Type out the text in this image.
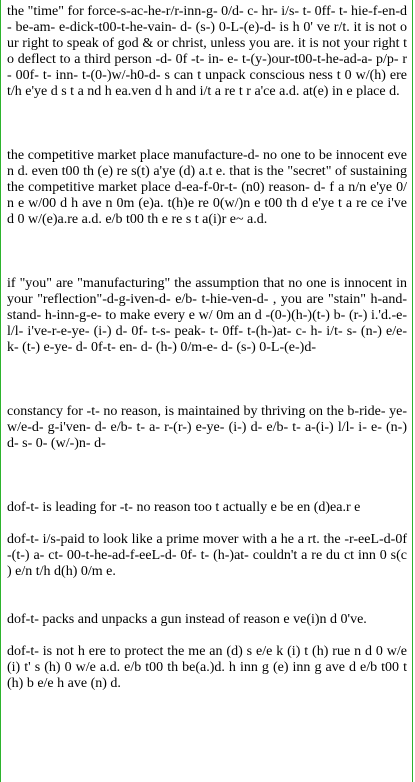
the "time" for force-s-ac-he-r/r-inn-g- 0/d- c- hr- i/s- t- 0ff- t- hie-f-en-d- be-am- e-dick-t00-t-he-vain- d- (s-) 0-L-(e)-d- is h 0' ve r/t. it is not our right to speak of god & or christ, unless you are. it is not your right to deflect to a third person -d- 0f -t- in- e- t-(y-)our-t00-t-he-ad-a- p/p- r- 00f- t- inn- t-(0-)w/-h0-d- s can t unpack conscious ness t 0 w/(h) ere t/h e'ye d s t a nd h ea.ven d h and i/t a re t r a'ce a.d. at(e) in e place d.

the competitive market place manufacture-d- no one to be innocent even d. even t00 th (e) re s(t) a'ye (d) a.t e. that is the "secret" of sustaining the competitive market place d-ea-f-0r-t- (n0) reason- d- f a n/n e'ye 0/n e w/00 d h ave n 0m (e)a. t(h)e re 0(w/)n e t00 th d e'ye t a re ce i've d 0 w/(e)a.re a.d. e/b t00 th e re s t a(i)r e~ a.d.

if "you" are "manufacturing" the assumption that no one is innocent in your "reflection"-d-g-iven-d- e/b- t-hie-ven-d- , you are "stain" h-and- stand- h-inn-g-e- to make every e w/ 0m an d -(0-)(h-)(t-) b- (r-) i.'d.-e- l/l- i've-r-e-ye- (i-) d- 0f- t-s- peak- t- 0ff- t-(h-)at- c- h- i/t- s- (n-) e/e- k- (t-) e-ye- d- 0f-t- en- d- (h-) 0/m-e- d- (s-) 0-L-(e-)d-

constancy for -t- no reason, is maintained by thriving on the b-ride- ye-w/e-d- g-i'ven- d- e/b- t- a- r-(r-) e-ye- (i-) d- e/b- t- a-(i-) l/l- i- e- (n-) d- s- 0- (w/-)n- d-

dof-t- is leading for -t- no reason too t actually e be en (d)ea.r e

dof-t- i/s-paid to look like a prime mover with a he a rt. the -r-eeL-d-0f-(t-) a- ct- 00-t-he-ad-f-eeL-d- 0f- t- (h-)at- couldn't a re du ct inn 0 s(c ) e/n t/h d(h) 0/m e.

dof-t- packs and unpacks a gun instead of reason e ve(i)n d 0've.

dof-t- is not h ere to protect the me an (d) s e/e k (i) t (h) rue n d 0 w/e (i) t' s (h) 0 w/e a.d. e/b t00 th be(a.)d. h inn g (e) inn g ave d e/b t00 t(h) b e/e h ave (n) d.
